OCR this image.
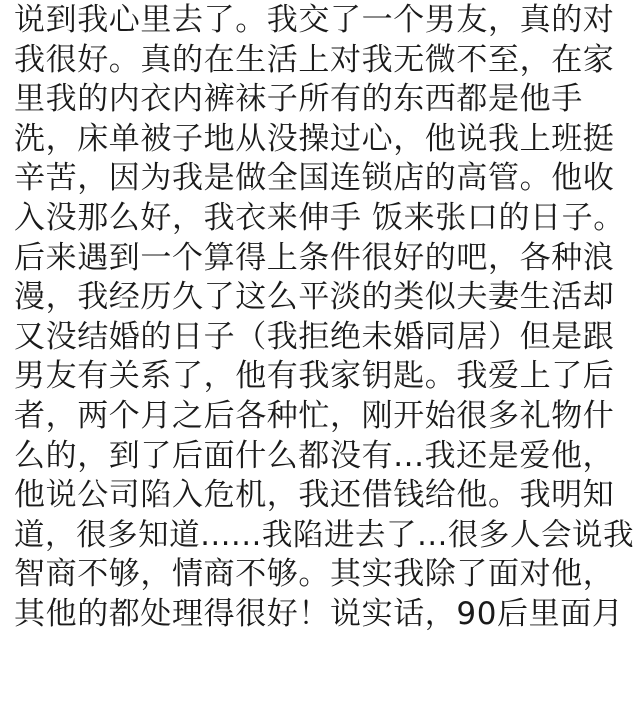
说到我心里去了。我交了一个男友，真的对
我很好。真的在生活上对我无微不至，在家
里我的内衣内裤袜子所有的东西都是他手
洗，床单被子地从没操过心，他说我上班挺
辛苦，因为我是做全国连锁店的高管。他收
入没那么好，我衣来伸手 饭来张口的日子。
后来遇到一个算得上条件很好的吧，各种浪
漫，我经历久了这么平淡的类似夫妻生活却
又没结婚的日子（我拒绝未婚同居）但是跟
男友有关系了，他有我家钥匙。我爱上了后
者，两个月之后各种忙，刚开始很多礼物什
么的，到了后面什么都没有...我还是爱他，
他说公司陷入危机，我还借钱给他。我明知
道，很多知道......我陷进去了...很多人会说我
智商不够，情商不够。其实我除了面对他，
其他的都处理得很好！说实话，90后里面月
